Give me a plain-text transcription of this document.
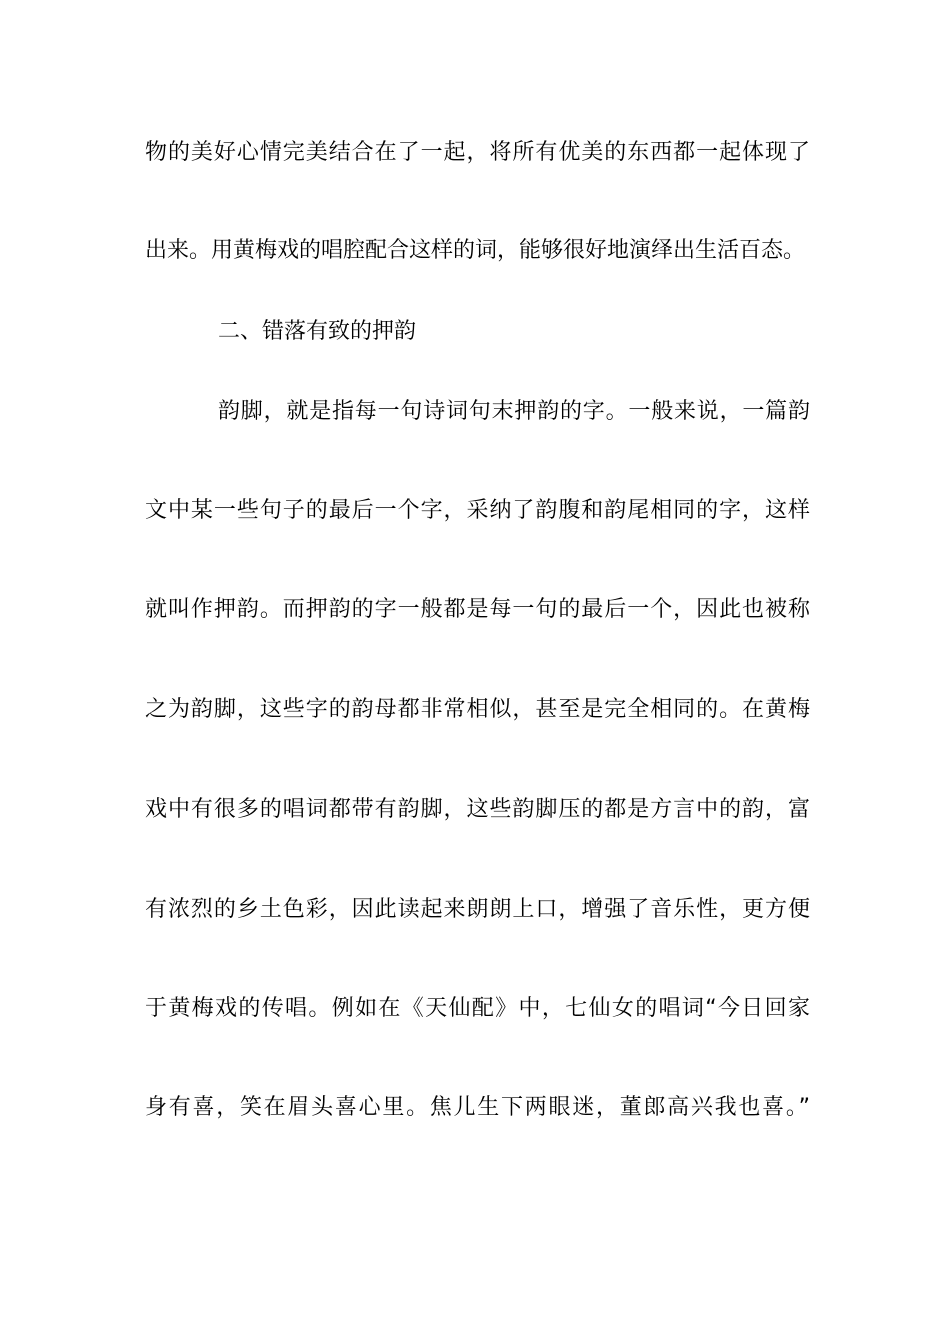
物的美好心情完美结合在了一起，将所有优美的东西都一起体现了
出来。用黄梅戏的唱腔配合这样的词，能够很好地演绎出生活百态。
二、错落有致的押韵
韵脚，就是指每一句诗词句末押韵的字。一般来说，一篇韵
文中某一些句子的最后一个字，采纳了韵腹和韵尾相同的字，这样
就叫作押韵。而押韵的字一般都是每一句的最后一个，因此也被称
之为韵脚，这些字的韵母都非常相似，甚至是完全相同的。在黄梅
戏中有很多的唱词都带有韵脚，这些韵脚压的都是方言中的韵，富
有浓烈的乡土色彩，因此读起来朗朗上口，增强了音乐性，更方便
于黄梅戏的传唱。例如在《天仙配》中，七仙女的唱词“今日回家
身有喜，笑在眉头喜心里。焦儿生下两眼迷，董郎高兴我也喜。”
